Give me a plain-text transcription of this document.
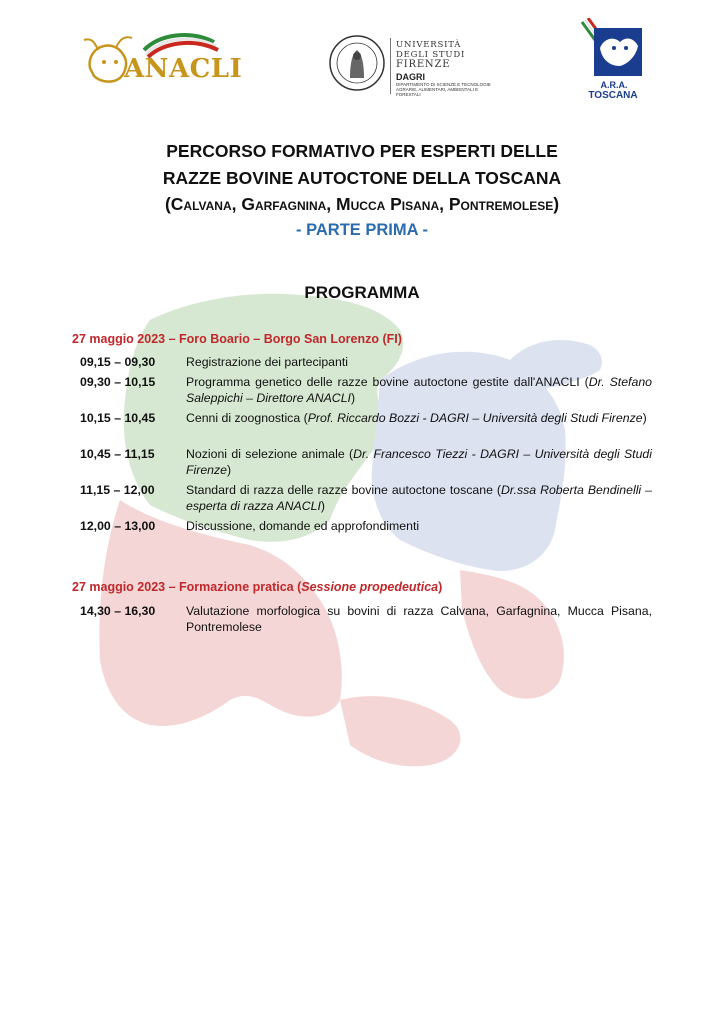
ANACLI
UNIVERSITÀ
DEGLI STUDI
FIRENZE
DAGRI
DIPARTIMENTO DI SCIENZE E TECNOLOGIE AGRARIE, ALIMENTARI, AMBIENTALI E FORESTALI
A.R.A.
TOSCANA
PERCORSO FORMATIVO PER ESPERTI DELLE
RAZZE BOVINE AUTOCTONE DELLA TOSCANA
(Calvana, Garfagnina, Mucca Pisana, Pontremolese)
- PARTE PRIMA -
PROGRAMMA
27 maggio 2023 – Foro Boario – Borgo San Lorenzo (FI)
09,15 – 09,30	Registrazione dei partecipanti
09,30 – 10,15	Programma genetico delle razze bovine autoctone gestite dall'ANACLI (Dr. Stefano Saleppichi – Direttore ANACLI)
10,15 – 10,45	Cenni di zoognostica (Prof. Riccardo Bozzi - DAGRI – Università degli Studi Firenze)
10,45 – 11,15	Nozioni di selezione animale (Dr. Francesco Tiezzi - DAGRI – Università degli Studi Firenze)
11,15 – 12,00	Standard di razza delle razze bovine autoctone toscane (Dr.ssa Roberta Bendinelli – esperta di razza ANACLI)
12,00 – 13,00	Discussione, domande ed approfondimenti
27 maggio 2023 – Formazione pratica (Sessione propedeutica)
14,30 – 16,30	Valutazione morfologica su bovini di razza Calvana, Garfagnina, Mucca Pisana, Pontremolese
